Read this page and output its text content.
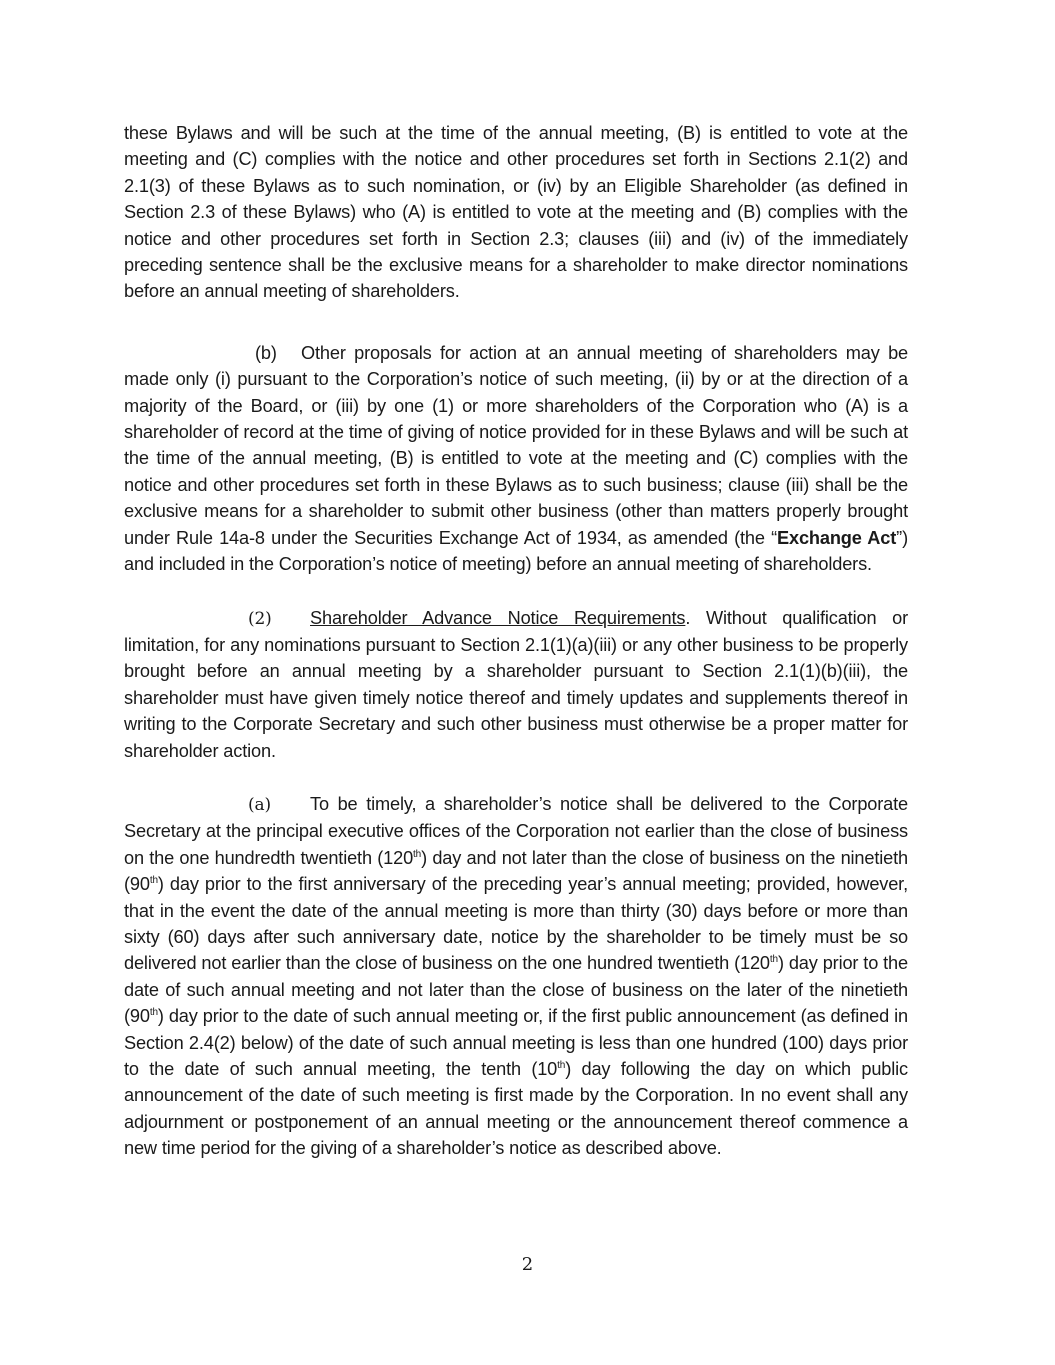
these Bylaws and will be such at the time of the annual meeting, (B) is entitled to vote at the meeting and (C) complies with the notice and other procedures set forth in Sections 2.1(2) and 2.1(3) of these Bylaws as to such nomination, or (iv) by an Eligible Shareholder (as defined in Section 2.3 of these Bylaws) who (A) is entitled to vote at the meeting and (B) complies with the notice and other procedures set forth in Section 2.3; clauses (iii) and (iv) of the immediately preceding sentence shall be the exclusive means for a shareholder to make director nominations before an annual meeting of shareholders.

(b) Other proposals for action at an annual meeting of shareholders may be made only (i) pursuant to the Corporation’s notice of such meeting, (ii) by or at the direction of a majority of the Board, or (iii) by one (1) or more shareholders of the Corporation who (A) is a shareholder of record at the time of giving of notice provided for in these Bylaws and will be such at the time of the annual meeting, (B) is entitled to vote at the meeting and (C) complies with the notice and other procedures set forth in these Bylaws as to such business; clause (iii) shall be the exclusive means for a shareholder to submit other business (other than matters properly brought under Rule 14a-8 under the Securities Exchange Act of 1934, as amended (the “Exchange Act”) and included in the Corporation’s notice of meeting) before an annual meeting of shareholders.

(2) Shareholder Advance Notice Requirements. Without qualification or limitation, for any nominations pursuant to Section 2.1(1)(a)(iii) or any other business to be properly brought before an annual meeting by a shareholder pursuant to Section 2.1(1)(b)(iii), the shareholder must have given timely notice thereof and timely updates and supplements thereof in writing to the Corporate Secretary and such other business must otherwise be a proper matter for shareholder action.

(a) To be timely, a shareholder’s notice shall be delivered to the Corporate Secretary at the principal executive offices of the Corporation not earlier than the close of business on the one hundredth twentieth (120th) day and not later than the close of business on the ninetieth (90th) day prior to the first anniversary of the preceding year’s annual meeting; provided, however, that in the event the date of the annual meeting is more than thirty (30) days before or more than sixty (60) days after such anniversary date, notice by the shareholder to be timely must be so delivered not earlier than the close of business on the one hundred twentieth (120th) day prior to the date of such annual meeting and not later than the close of business on the later of the ninetieth (90th) day prior to the date of such annual meeting or, if the first public announcement (as defined in Section 2.4(2) below) of the date of such annual meeting is less than one hundred (100) days prior to the date of such annual meeting, the tenth (10th) day following the day on which public announcement of the date of such meeting is first made by the Corporation. In no event shall any adjournment or postponement of an annual meeting or the announcement thereof commence a new time period for the giving of a shareholder’s notice as described above.

2
